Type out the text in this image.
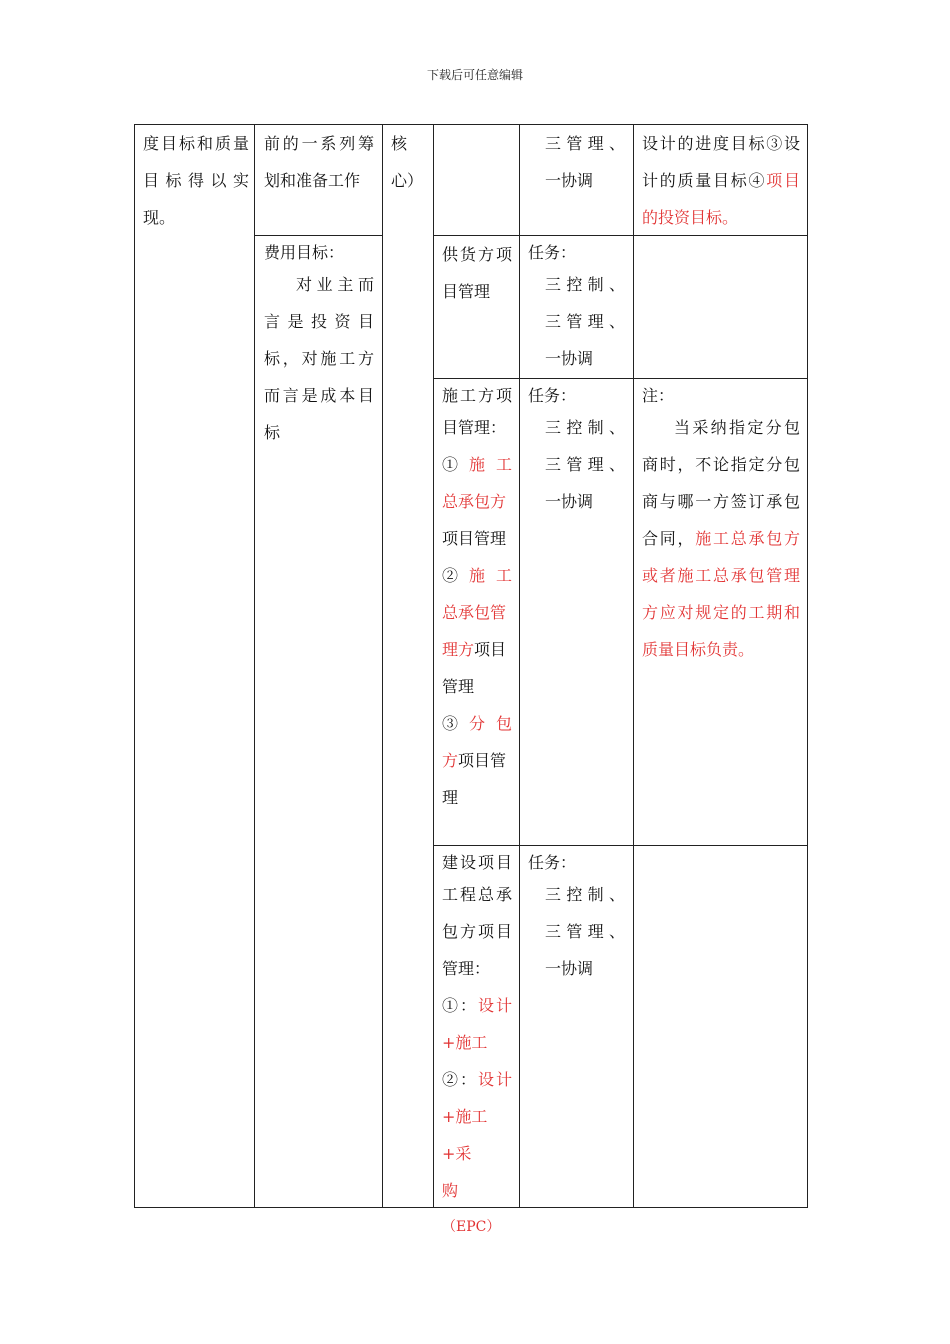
下载后可任意编辑

度目标和质量

目标得以实

现。

前的一系列筹

划和准备工作

费用目标：

对业主而

言是投资目

标，对施工方

而言是成本目

标

核

心）

三管理、

一协调

设计的进度目标③设

计的质量目标④项目

的投资目标。

供货方项

目管理

任务：

三控制、

三管理、

一协调

施工方项

目管理：

①施工

总承包方

项目管理

②施工

总承包管

理方项目

管理

③分包

方项目管

理

任务：

三控制、

三管理、

一协调

注：

当采纳指定分包

商时，不论指定分包

商与哪一方签订承包

合同，施工总承包方

或者施工总承包管理

方应对规定的工期和

质量目标负责。

建设项目

工程总承

包方项目

管理：

①：设计

+施工

②：设计

+施工+采

购

（EPC）

任务：

三控制、

三管理、

一协调
